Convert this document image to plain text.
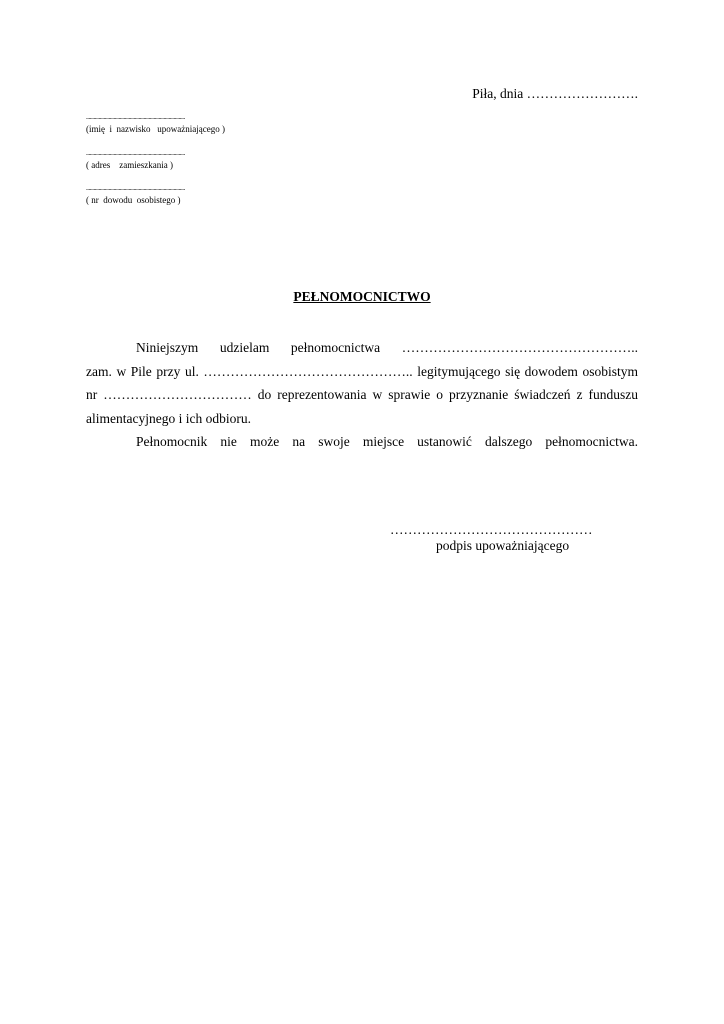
Piła, dnia …………………….
...............................................................................
(imię  i  nazwisko   upoważniającego )
...............................................................................
( adres    zamieszkania )
...............................................................................
( nr  dowodu  osobistego )
PEŁNOMOCNICTWO

Niniejszym udzielam pełnomocnictwa ……………………………………………..

zam. w Pile przy ul. ……………………………………….. legitymującego się dowodem osobistym nr …………………………… do reprezentowania w sprawie o przyznanie świadczeń z funduszu alimentacyjnego i ich odbioru.

Pełnomocnik nie może na swoje miejsce ustanowić dalszego pełnomocnictwa.

………………………………………
podpis upoważniającego
